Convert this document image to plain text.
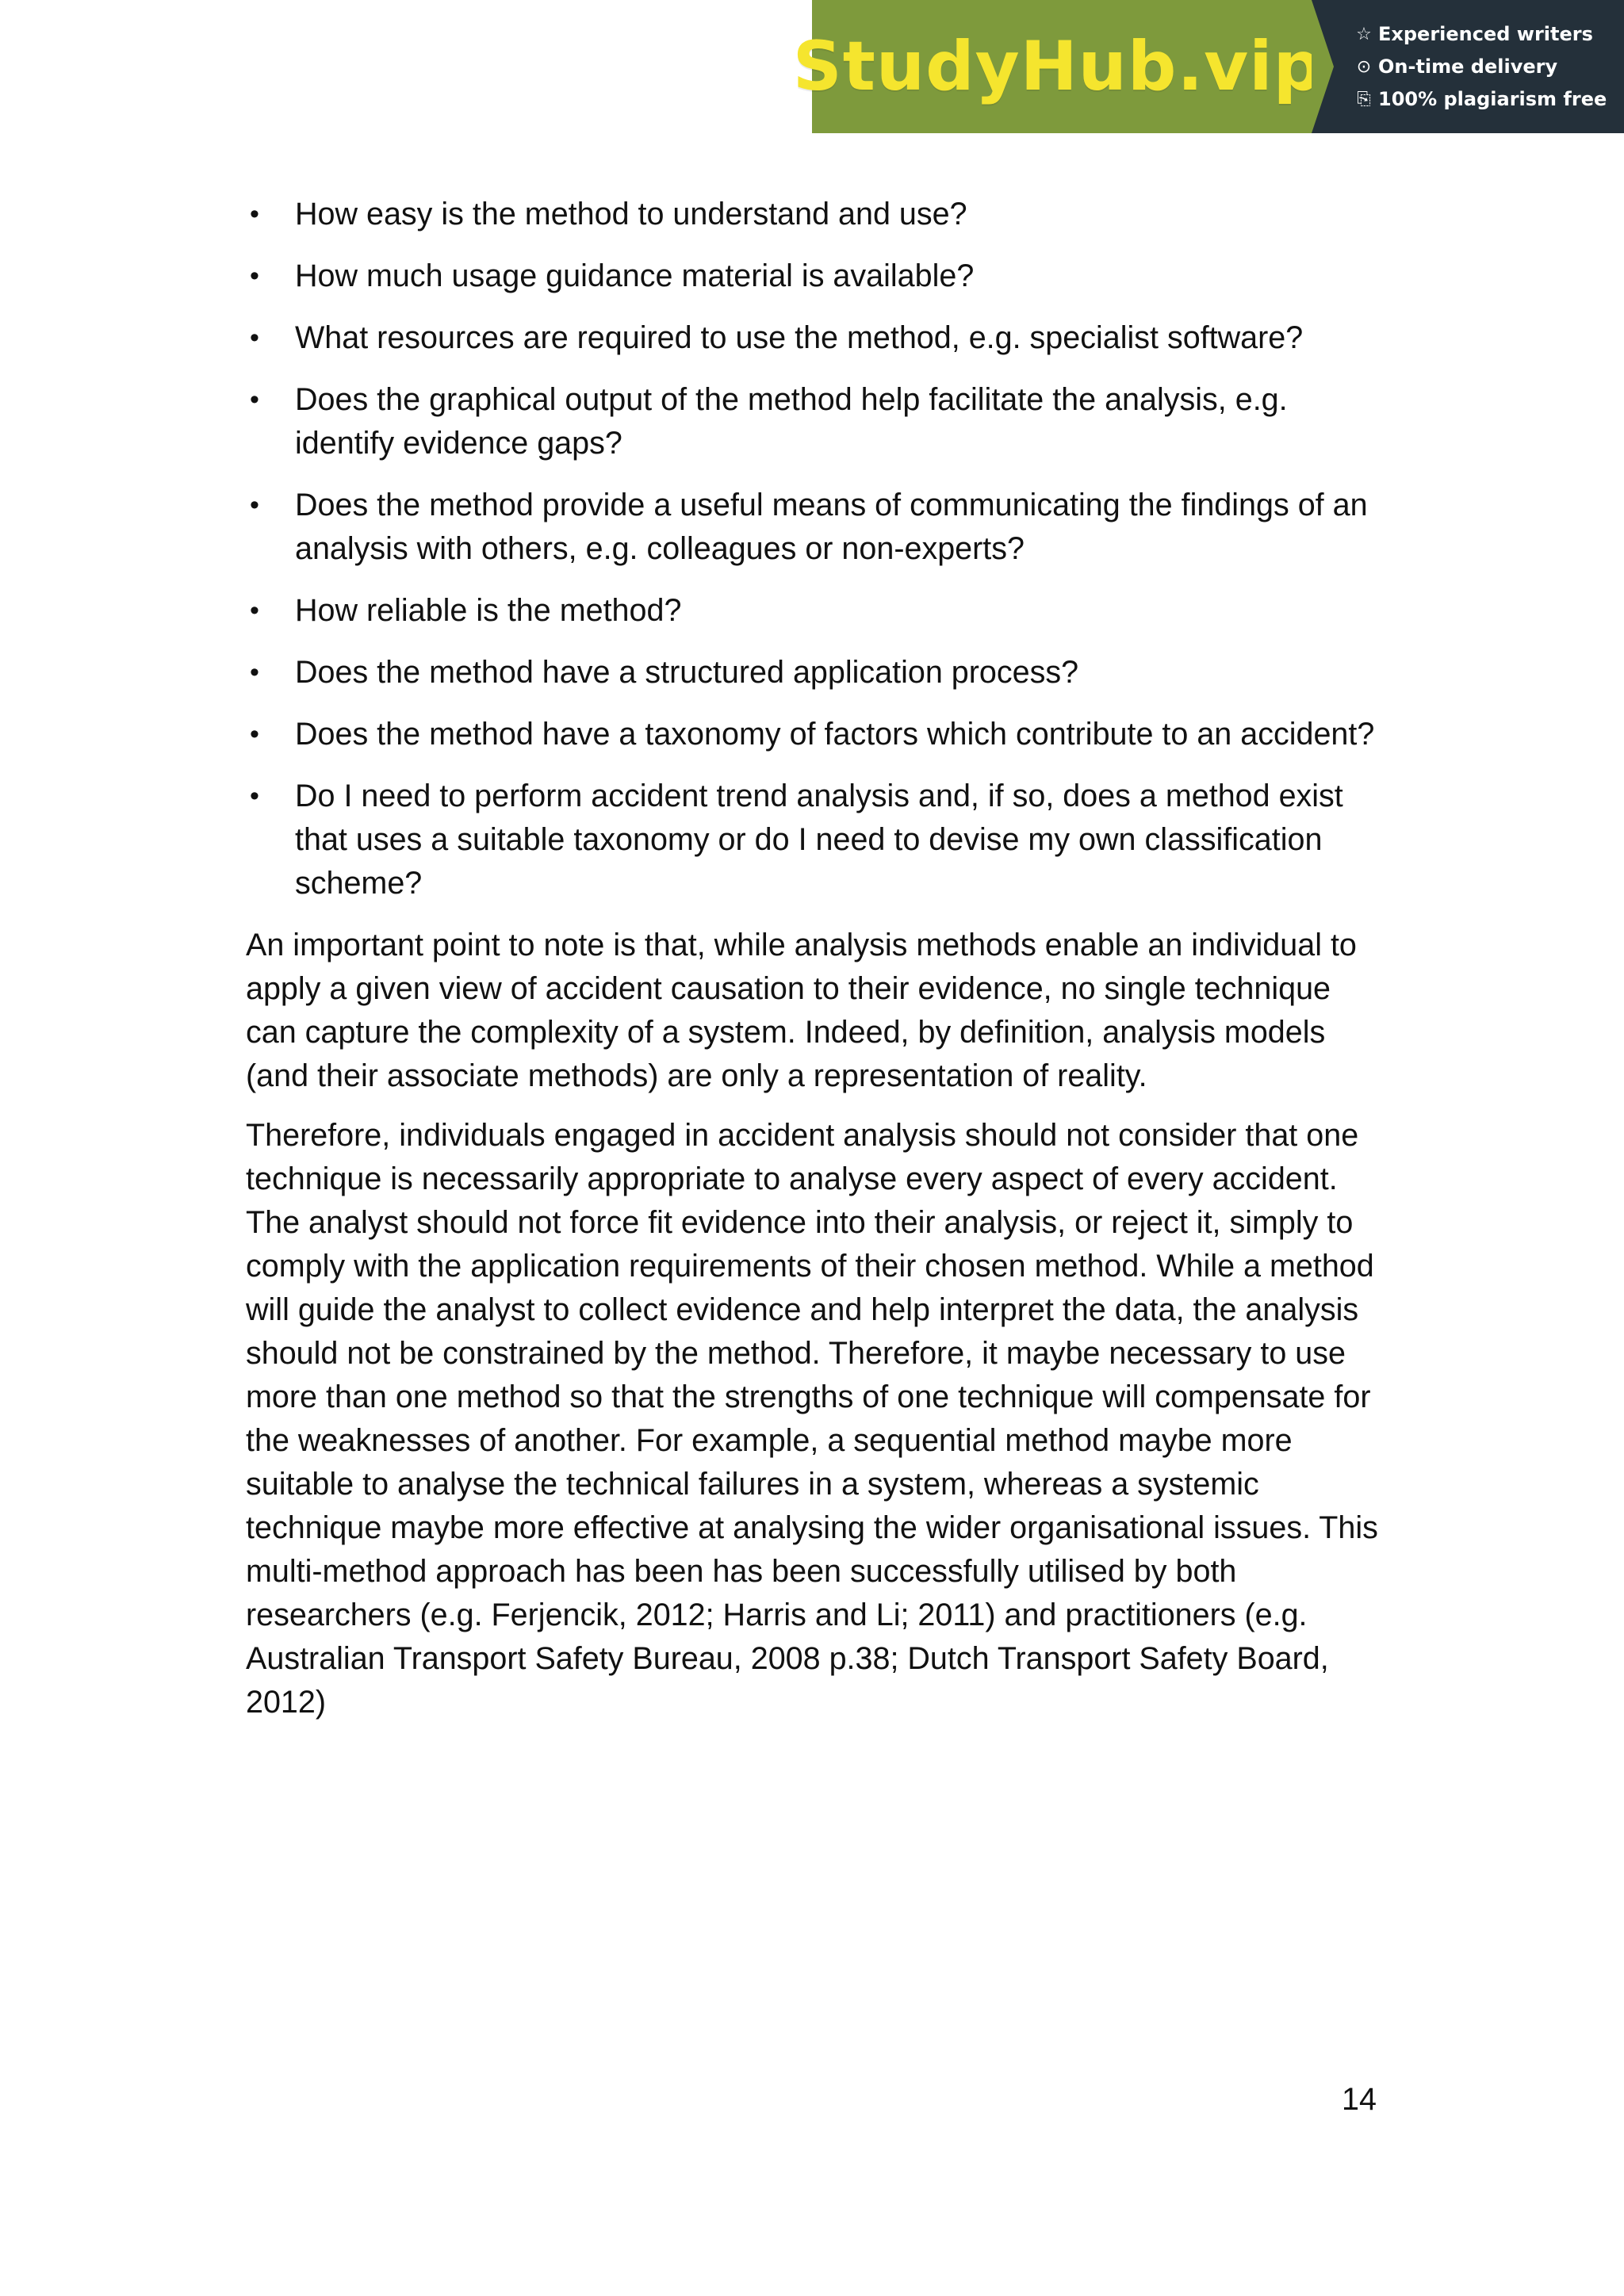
StudyHub.vip ☆ Experienced writers
⊙ On-time delivery
⎘ 100% plagiarism free
• How easy is the method to understand and use?
• How much usage guidance material is available?
• What resources are required to use the method, e.g. specialist software?
• Does the graphical output of the method help facilitate the analysis, e.g. identify evidence gaps?
• Does the method provide a useful means of communicating the findings of an analysis with others, e.g. colleagues or non-experts?
• How reliable is the method?
• Does the method have a structured application process?
• Does the method have a taxonomy of factors which contribute to an accident?
• Do I need to perform accident trend analysis and, if so, does a method exist that uses a suitable taxonomy or do I need to devise my own classification scheme?

An important point to note is that, while analysis methods enable an individual to apply a given view of accident causation to their evidence, no single technique can capture the complexity of a system. Indeed, by definition, analysis models (and their associate methods) are only a representation of reality.

Therefore, individuals engaged in accident analysis should not consider that one technique is necessarily appropriate to analyse every aspect of every accident. The analyst should not force fit evidence into their analysis, or reject it, simply to comply with the application requirements of their chosen method. While a method will guide the analyst to collect evidence and help interpret the data, the analysis should not be constrained by the method. Therefore, it maybe necessary to use more than one method so that the strengths of one technique will compensate for the weaknesses of another. For example, a sequential method maybe more suitable to analyse the technical failures in a system, whereas a systemic technique maybe more effective at analysing the wider organisational issues. This multi-method approach has been has been successfully utilised by both researchers (e.g. Ferjencik, 2012; Harris and Li; 2011) and practitioners (e.g. Australian Transport Safety Bureau, 2008 p.38; Dutch Transport Safety Board, 2012)

14
